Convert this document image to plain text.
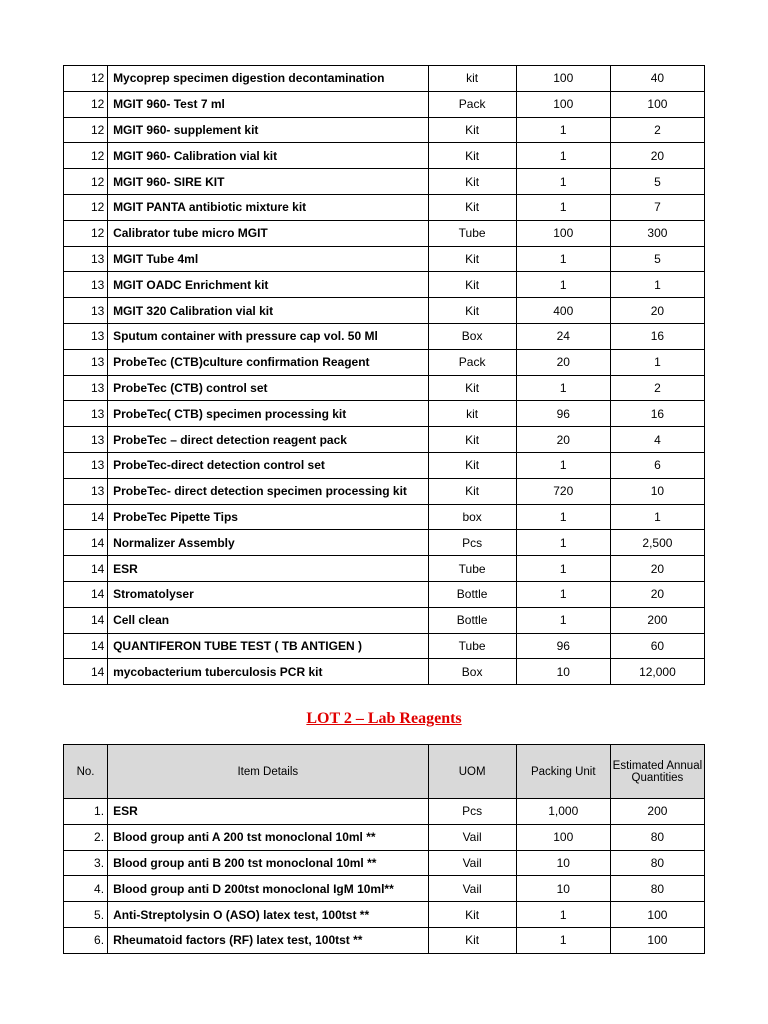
12	Mycoprep specimen digestion decontamination	kit	100	40
12	MGIT 960- Test 7 ml	Pack	100	100
12	MGIT 960- supplement kit	Kit	1	2
12	MGIT 960- Calibration vial kit	Kit	1	20
12	MGIT 960- SIRE KIT	Kit	1	5
12	MGIT PANTA antibiotic mixture kit	Kit	1	7
12	Calibrator tube micro MGIT	Tube	100	300
13	MGIT Tube 4ml	Kit	1	5
13	MGIT OADC Enrichment kit	Kit	1	1
13	MGIT 320 Calibration vial kit	Kit	400	20
13	Sputum container with pressure cap vol. 50 Ml	Box	24	16
13	ProbeTec (CTB)culture confirmation Reagent	Pack	20	1
13	ProbeTec (CTB) control set	Kit	1	2
13	ProbeTec( CTB) specimen processing kit	kit	96	16
13	ProbeTec – direct detection reagent pack	Kit	20	4
13	ProbeTec-direct detection control set	Kit	1	6
13	ProbeTec- direct detection specimen processing kit	Kit	720	10
14	ProbeTec Pipette Tips	box	1	1
14	Normalizer Assembly	Pcs	1	2,500
14	ESR	Tube	1	20
14	Stromatolyser	Bottle	1	20
14	Cell clean	Bottle	1	200
14	QUANTIFERON TUBE TEST ( TB ANTIGEN )	Tube	96	60
14	mycobacterium tuberculosis PCR kit	Box	10	12,000
LOT 2 – Lab Reagents
No.	Item Details	UOM	Packing Unit	Estimated Annual Quantities
1.	ESR	Pcs	1,000	200
2.	Blood group anti A 200 tst monoclonal 10ml **	Vail	100	80
3.	Blood group anti B 200 tst monoclonal 10ml **	Vail	10	80
4.	Blood group anti D 200tst monoclonal IgM 10ml**	Vail	10	80
5.	Anti-Streptolysin O (ASO) latex test, 100tst **	Kit	1	100
6.	Rheumatoid factors (RF) latex test, 100tst **	Kit	1	100
